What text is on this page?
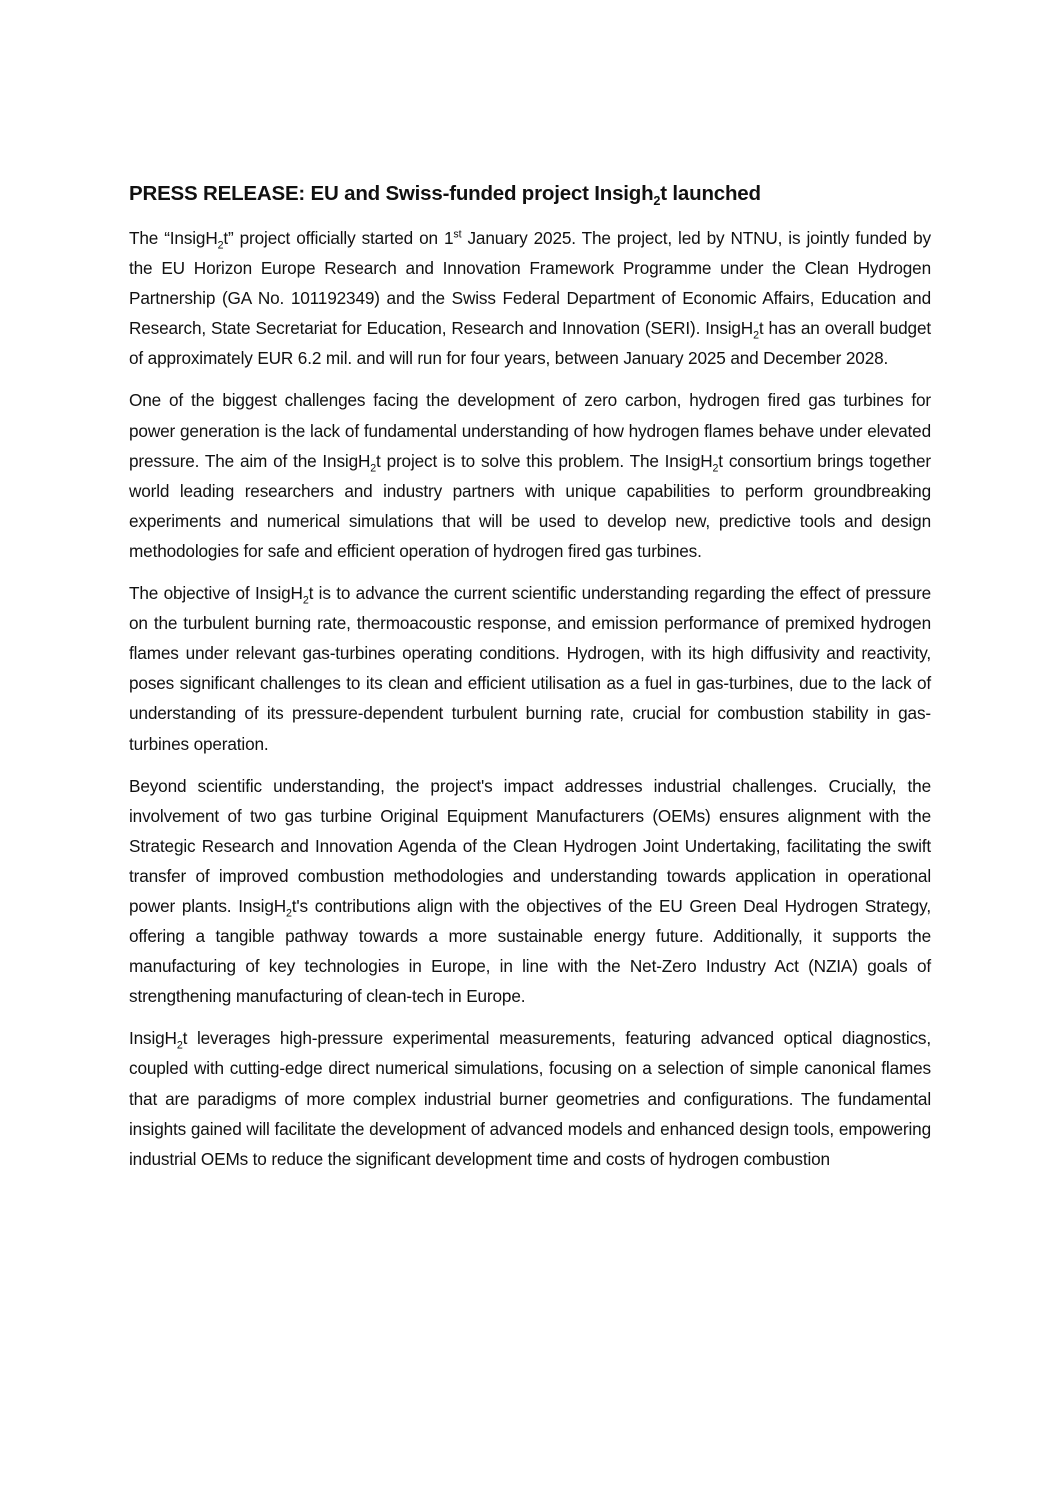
PRESS RELEASE: EU and Swiss-funded project Insigh$_2$t launched

The “InsigH$_2$t” project officially started on 1st January 2025. The project, led by NTNU, is jointly funded by the EU Horizon Europe Research and Innovation Framework Programme under the Clean Hydrogen Partnership (GA No. 101192349) and the Swiss Federal Department of Economic Affairs, Education and Research, State Secretariat for Education, Research and Innovation (SERI). InsigH$_2$t has an overall budget of approximately EUR 6.2 mil. and will run for four years, between January 2025 and December 2028.

One of the biggest challenges facing the development of zero carbon, hydrogen fired gas turbines for power generation is the lack of fundamental understanding of how hydrogen flames behave under elevated pressure. The aim of the InsigH$_2$t project is to solve this problem. The InsigH$_2$t consortium brings together world leading researchers and industry partners with unique capabilities to perform groundbreaking experiments and numerical simulations that will be used to develop new, predictive tools and design methodologies for safe and efficient operation of hydrogen fired gas turbines.

The objective of InsigH$_2$t is to advance the current scientific understanding regarding the effect of pressure on the turbulent burning rate, thermoacoustic response, and emission performance of premixed hydrogen flames under relevant gas-turbines operating conditions. Hydrogen, with its high diffusivity and reactivity, poses significant challenges to its clean and efficient utilisation as a fuel in gas-turbines, due to the lack of understanding of its pressure-dependent turbulent burning rate, crucial for combustion stability in gas-turbines operation.

Beyond scientific understanding, the project's impact addresses industrial challenges. Crucially, the involvement of two gas turbine Original Equipment Manufacturers (OEMs) ensures alignment with the Strategic Research and Innovation Agenda of the Clean Hydrogen Joint Undertaking, facilitating the swift transfer of improved combustion methodologies and understanding towards application in operational power plants. InsigH$_2$t's contributions align with the objectives of the EU Green Deal Hydrogen Strategy, offering a tangible pathway towards a more sustainable energy future. Additionally, it supports the manufacturing of key technologies in Europe, in line with the Net-Zero Industry Act (NZIA) goals of strengthening manufacturing of clean-tech in Europe.

InsigH$_2$t leverages high-pressure experimental measurements, featuring advanced optical diagnostics, coupled with cutting-edge direct numerical simulations, focusing on a selection of simple canonical flames that are paradigms of more complex industrial burner geometries and configurations. The fundamental insights gained will facilitate the development of advanced models and enhanced design tools, empowering industrial OEMs to reduce the significant development time and costs of hydrogen combustion
